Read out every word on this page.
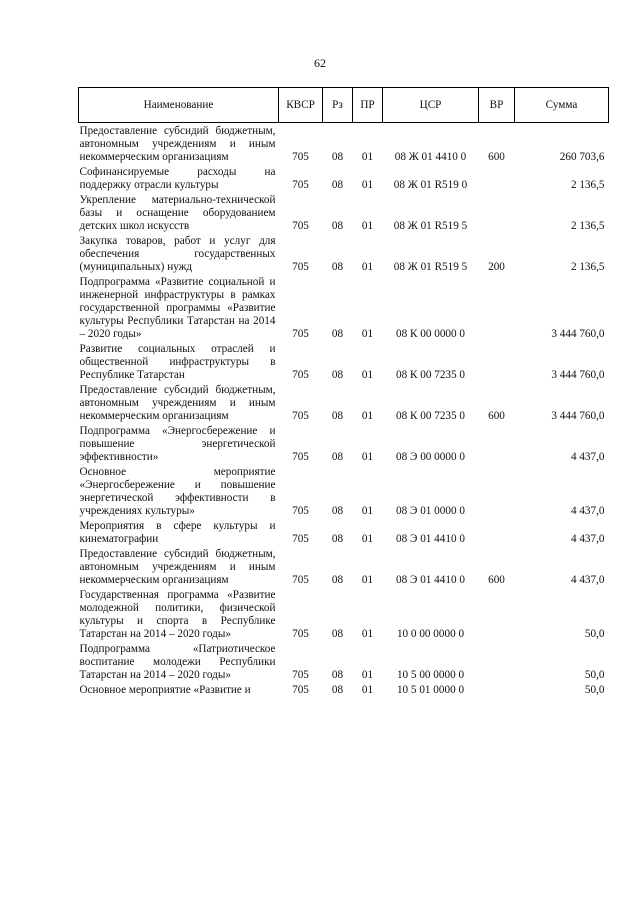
62
Наименование	КВСР	Рз	ПР	ЦСР	ВР	Сумма
Предоставление субсидий бюджетным, автономным учреждениям и иным некоммерческим организациям	705	08	01	08 Ж 01 4410 0	600	260 703,6
Софинансируемые расходы на поддержку отрасли культуры	705	08	01	08 Ж 01 R519 0		2 136,5
Укрепление материально-технической базы и оснащение оборудованием детских школ искусств	705	08	01	08 Ж 01 R519 5		2 136,5
Закупка товаров, работ и услуг для обеспечения государственных (муниципальных) нужд	705	08	01	08 Ж 01 R519 5	200	2 136,5
Подпрограмма «Развитие социальной и инженерной инфраструктуры в рамках государственной программы «Развитие культуры Республики Татарстан на 2014 – 2020 годы»	705	08	01	08 К 00 0000 0		3 444 760,0
Развитие социальных отраслей и общественной инфраструктуры в Республике Татарстан	705	08	01	08 К 00 7235 0		3 444 760,0
Предоставление субсидий бюджетным, автономным учреждениям и иным некоммерческим организациям	705	08	01	08 К 00 7235 0	600	3 444 760,0
Подпрограмма «Энергосбережение и повышение энергетической эффективности»	705	08	01	08 Э 00 0000 0		4 437,0
Основное мероприятие «Энергосбережение и повышение энергетической эффективности в учреждениях культуры»	705	08	01	08 Э 01 0000 0		4 437,0
Мероприятия в сфере культуры и кинематографии	705	08	01	08 Э 01 4410 0		4 437,0
Предоставление субсидий бюджетным, автономным учреждениям и иным некоммерческим организациям	705	08	01	08 Э 01 4410 0	600	4 437,0
Государственная программа «Развитие молодежной политики, физической культуры и спорта в Республике Татарстан на 2014 – 2020 годы»	705	08	01	10 0 00 0000 0		50,0
Подпрограмма «Патриотическое воспитание молодежи Республики Татарстан на 2014 – 2020 годы»	705	08	01	10 5 00 0000 0		50,0
Основное мероприятие «Развитие и	705	08	01	10 5 01 0000 0		50,0
